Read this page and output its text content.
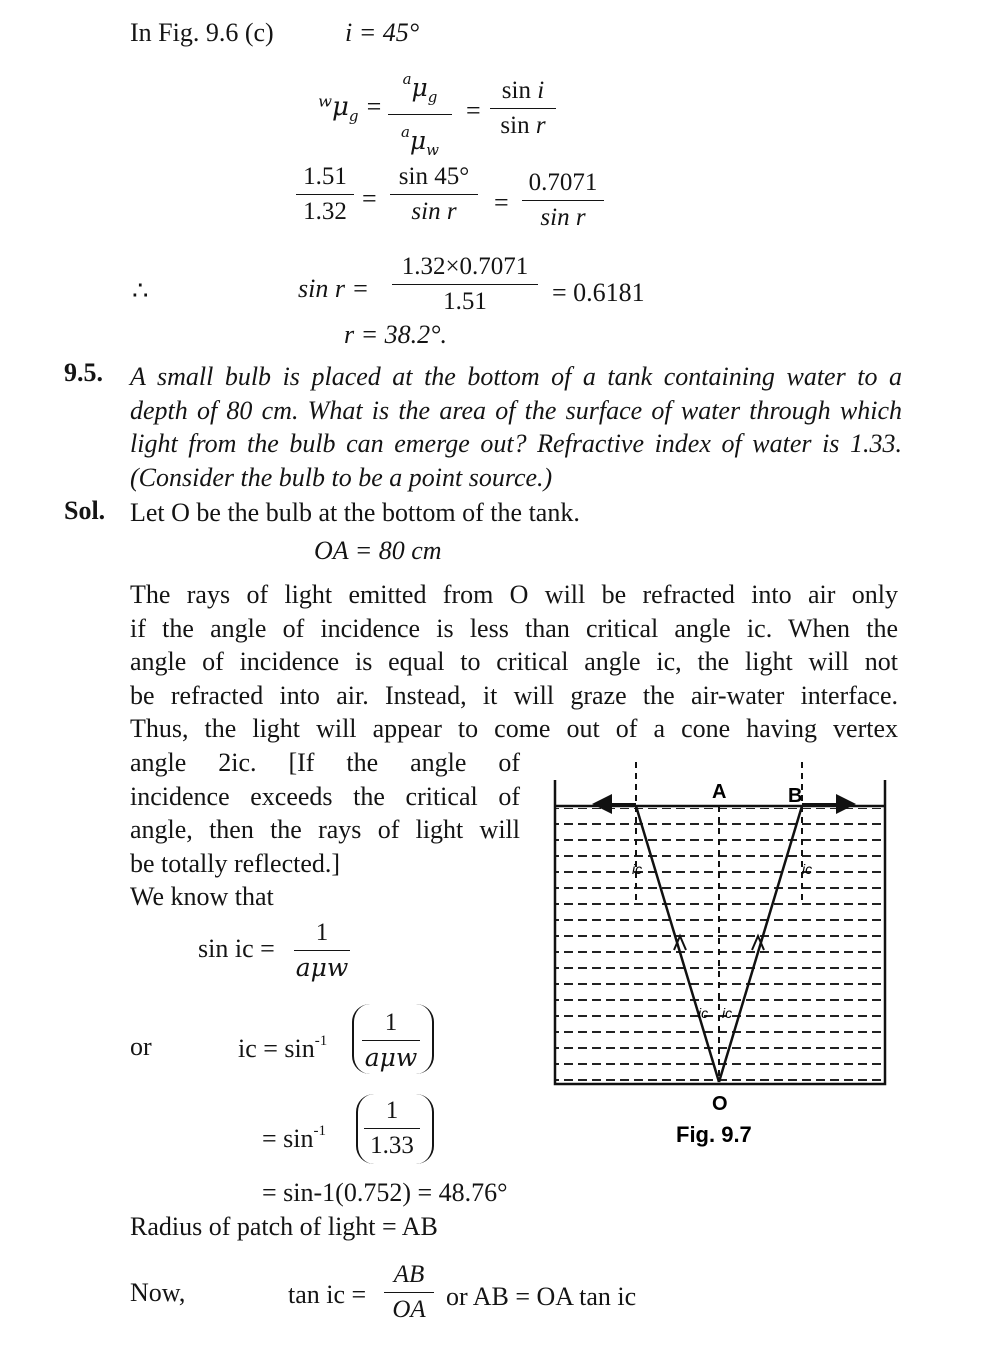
In Fig. 9.6 (c)	i = 45°
ʷμ$_g$ =
$^a\mu_g$
$^a\mu_w$
=
sin i
sin r
1.51
1.32 =
sin 45°
sin r	=
0.7071
sin r
∴	sin r =
1.32×0.7071
1.51	= 0.6181
r = 38.2°.
9.5. A small bulb is placed at the bottom of a tank containing water to a
depth of 80 cm. What is the area of the surface of water through which
light from the bulb can emerge out? Refractive index of water is 1.33.
(Consider the bulb to be a point source.)
Sol. Let O be the bulb at the bottom of the tank.
OA = 80 cm
The rays of light emitted from O will be refracted into air only
if the angle of incidence is less than critical angle ic. When the
angle of incidence is equal to critical angle ic, the light will not
be refracted into air. Instead, it will graze the air-water interface.
Thus, the light will appear to come out of a cone having vertex
angle 2ic. [If the angle of
incidence exceeds the critical of
angle, then the rays of light will
be totally reflected.]
We know that
sin ic =
1
aμw
or	ic = $\sin^{-1}$
1
aμw
= $\sin^{-1}$
1
1.33
= sin-1(0.752) = 48.76°
Radius of patch of light = AB
Now,	tan ic =
AB
OA or AB = OA tan ic
A	B
O
ic	ic
ic ic
Fig. 9.7
